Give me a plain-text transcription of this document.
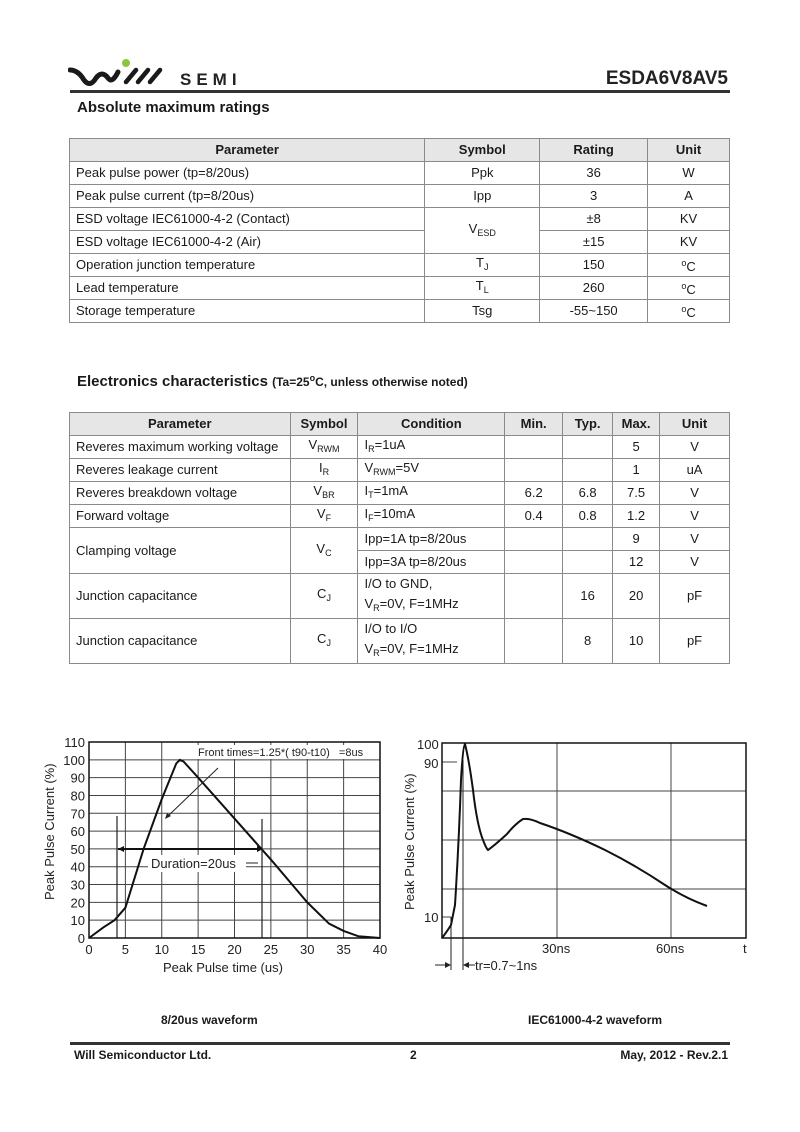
SEMI	ESDA6V8AV5
Absolute maximum ratings
Parameter	Symbol	Rating	Unit
Peak pulse power (tp=8/20us)	Ppk	36	W
Peak pulse current (tp=8/20us)	Ipp	3	A
ESD voltage IEC61000-4-2 (Contact)	$V_{ESD}$	±8	KV
ESD voltage IEC61000-4-2 (Air)		±15	KV
Operation junction temperature	$T_J$	150	$^o$C
Lead temperature	$T_L$	260	$^o$C
Storage temperature	Tsg	-55~150	$^o$C
Electronics characteristics ($Ta=25^oC$, unless otherwise noted)
Parameter	Symbol	Condition	Min.	Typ.	Max.	Unit
Reveres maximum working voltage	$V_{RWM}$	$I_R=1uA$			5	V
Reveres leakage current	$I_R$	$V_{RWM}=5V$			1	uA
Reveres breakdown voltage	$V_{BR}$	$I_T=1mA$	6.2	6.8	7.5	V
Forward voltage	$V_F$	$I_F=10mA$	0.4	0.8	1.2	V
Clamping voltage	$V_C$	Ipp=1A tp=8/20us			9	V
		Ipp=3A tp=8/20us			12	V
Junction capacitance	$C_J$	I/O to GND,
$V_R=0V$, F=1MHz		16	20	pF
Junction capacitance	$C_J$	I/O to I/O
$V_R=0V$, F=1MHz		8	10	pF
0
10
20
30
40
50
60
70
80
90
100
110
0 5 10 15 20 25 30 35 40
Duration=20us
Front times=1.25*( t90-t10)   =8us
Peak Pulse Current (%)
Peak Pulse time (us)	tr=0.7~1ns
100
90
10
30ns	60ns	t
Peak Pulse Current (%)
8/20us waveform	IEC61000-4-2 waveform
Will Semiconductor Ltd.	2	May, 2012 - Rev.2.1
